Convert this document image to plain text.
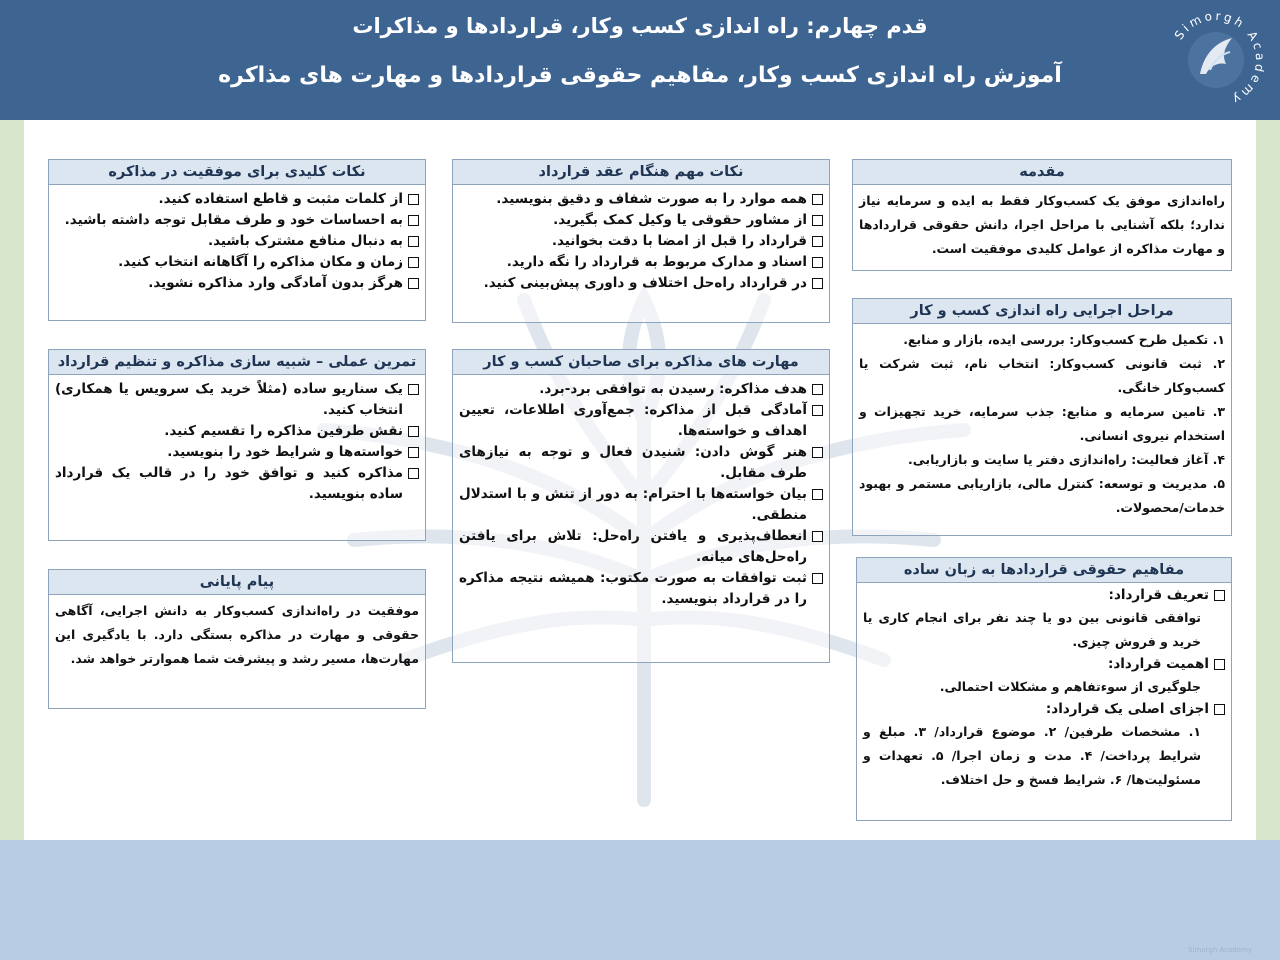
قدم چهارم: راه اندازی کسب وکار، قراردادها و مذاکرات
آموزش راه اندازی کسب وکار، مفاهیم حقوقی قراردادها و مهارت های مذاکره
Simorgh Academy
مقدمه
راه‌اندازی موفق یک کسب‌وکار فقط به ایده و سرمایه نیاز ندارد؛ بلکه آشنایی با مراحل اجرا، دانش حقوقی قراردادها و مهارت مذاکره از عوامل کلیدی موفقیت است.
نکات مهم هنگام عقد قرارداد
همه موارد را به صورت شفاف و دقیق بنویسید.
از مشاور حقوقی یا وکیل کمک بگیرید.
قرارداد را قبل از امضا با دقت بخوانید.
اسناد و مدارک مربوط به قرارداد را نگه دارید.
در قرارداد راه‌حل اختلاف و داوری پیش‌بینی کنید.
نکات کلیدی برای موفقیت در مذاکره
از کلمات مثبت و قاطع استفاده کنید.
به احساسات خود و طرف مقابل توجه داشته باشید.
به دنبال منافع مشترک باشید.
زمان و مکان مذاکره را آگاهانه انتخاب کنید.
هرگز بدون آمادگی وارد مذاکره نشوید.
مراحل اجرایی راه اندازی کسب و کار
۱. تکمیل طرح کسب‌وکار: بررسی ایده، بازار و منابع.
۲. ثبت قانونی کسب‌وکار: انتخاب نام، ثبت شرکت یا کسب‌وکار خانگی.
۳. تامین سرمایه و منابع: جذب سرمایه، خرید تجهیزات و استخدام نیروی انسانی.
۴. آغاز فعالیت: راه‌اندازی دفتر یا سایت و بازاریابی.
۵. مدیریت و توسعه: کنترل مالی، بازاریابی مستمر و بهبود خدمات/محصولات.
مهارت های مذاکره برای صاحبان کسب و کار
هدف مذاکره: رسیدن به توافقی برد-برد.
آمادگی قبل از مذاکره: جمع‌آوری اطلاعات، تعیین اهداف و خواسته‌ها.
هنر گوش دادن: شنیدن فعال و توجه به نیازهای طرف مقابل.
بیان خواسته‌ها با احترام: به دور از تنش و با استدلال منطقی.
انعطاف‌پذیری و یافتن راه‌حل: تلاش برای یافتن راه‌حل‌های میانه.
ثبت توافقات به صورت مکتوب: همیشه نتیجه مذاکره را در قرارداد بنویسید.
تمرین عملی – شبیه سازی مذاکره و تنظیم قرارداد
یک سناریو ساده (مثلاً خرید یک سرویس یا همکاری) انتخاب کنید.
نقش طرفین مذاکره را تقسیم کنید.
خواسته‌ها و شرایط خود را بنویسید.
مذاکره کنید و توافق خود را در قالب یک قرارداد ساده بنویسید.
مفاهیم حقوقی قراردادها به زبان ساده
تعریف قرارداد:
توافقی قانونی بین دو یا چند نفر برای انجام کاری یا خرید و فروش چیزی.
اهمیت قرارداد:
جلوگیری از سوءتفاهم و مشکلات احتمالی.
اجزای اصلی یک قرارداد:
۱. مشخصات طرفین/ ۲. موضوع قرارداد/ ۳. مبلغ و شرایط پرداخت/ ۴. مدت و زمان اجرا/ ۵. تعهدات و مسئولیت‌ها/ ۶. شرایط فسخ و حل اختلاف.
پیام پایانی
موفقیت در راه‌اندازی کسب‌وکار به دانش اجرایی، آگاهی حقوقی و مهارت در مذاکره بستگی دارد. با یادگیری این مهارت‌ها، مسیر رشد و پیشرفت شما هموارتر خواهد شد.
Simorgh Academy
